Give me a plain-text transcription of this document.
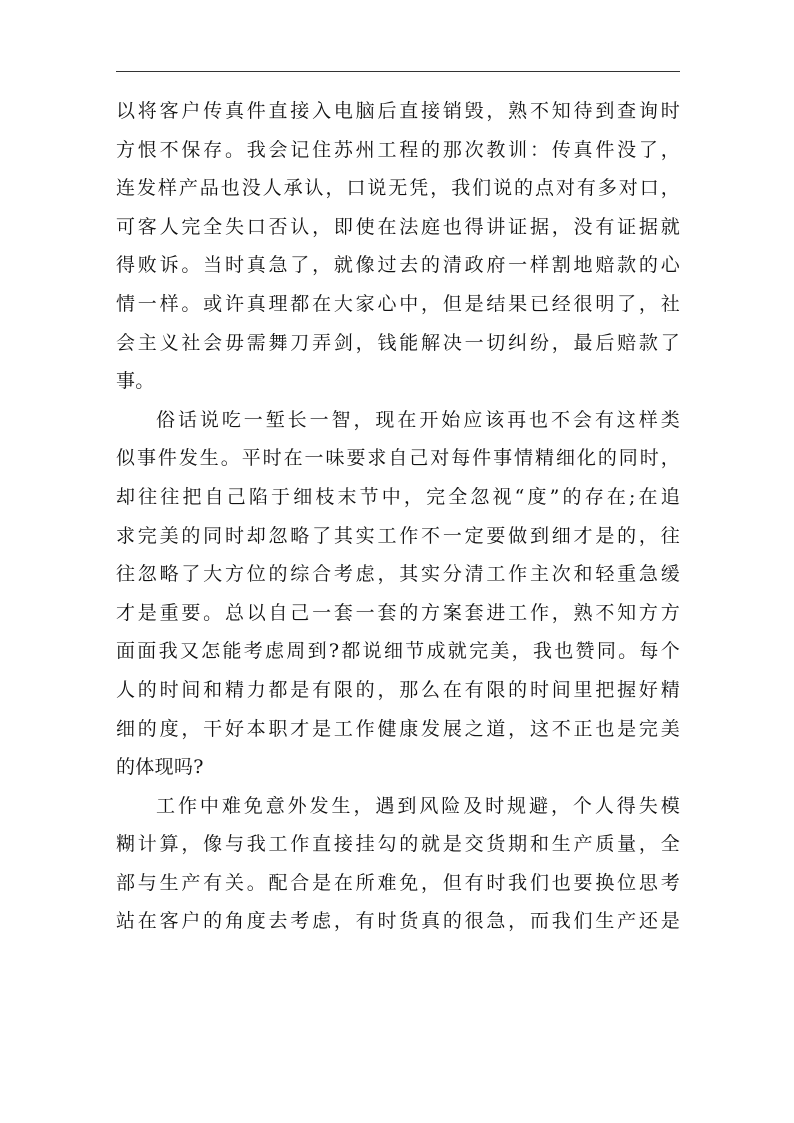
以将客户传真件直接入电脑后直接销毁，熟不知待到查询时
方恨不保存。我会记住苏州工程的那次教训：传真件没了，
连发样产品也没人承认，口说无凭，我们说的点对有多对口，
可客人完全失口否认，即使在法庭也得讲证据，没有证据就
得败诉。当时真急了，就像过去的清政府一样割地赔款的心
情一样。或许真理都在大家心中，但是结果已经很明了，社
会主义社会毋需舞刀弄剑，钱能解决一切纠纷，最后赔款了
事。
俗话说吃一堑长一智，现在开始应该再也不会有这样类
似事件发生。平时在一味要求自己对每件事情精细化的同时，
却往往把自己陷于细枝末节中，完全忽视“度”的存在;在追
求完美的同时却忽略了其实工作不一定要做到细才是的，往
往忽略了大方位的综合考虑，其实分清工作主次和轻重急缓
才是重要。总以自己一套一套的方案套进工作，熟不知方方
面面我又怎能考虑周到?都说细节成就完美，我也赞同。每个
人的时间和精力都是有限的，那么在有限的时间里把握好精
细的度，干好本职才是工作健康发展之道，这不正也是完美
的体现吗?
工作中难免意外发生，遇到风险及时规避，个人得失模
糊计算，像与我工作直接挂勾的就是交货期和生产质量，全
部与生产有关。配合是在所难免，但有时我们也要换位思考
站在客户的角度去考虑，有时货真的很急，而我们生产还是
